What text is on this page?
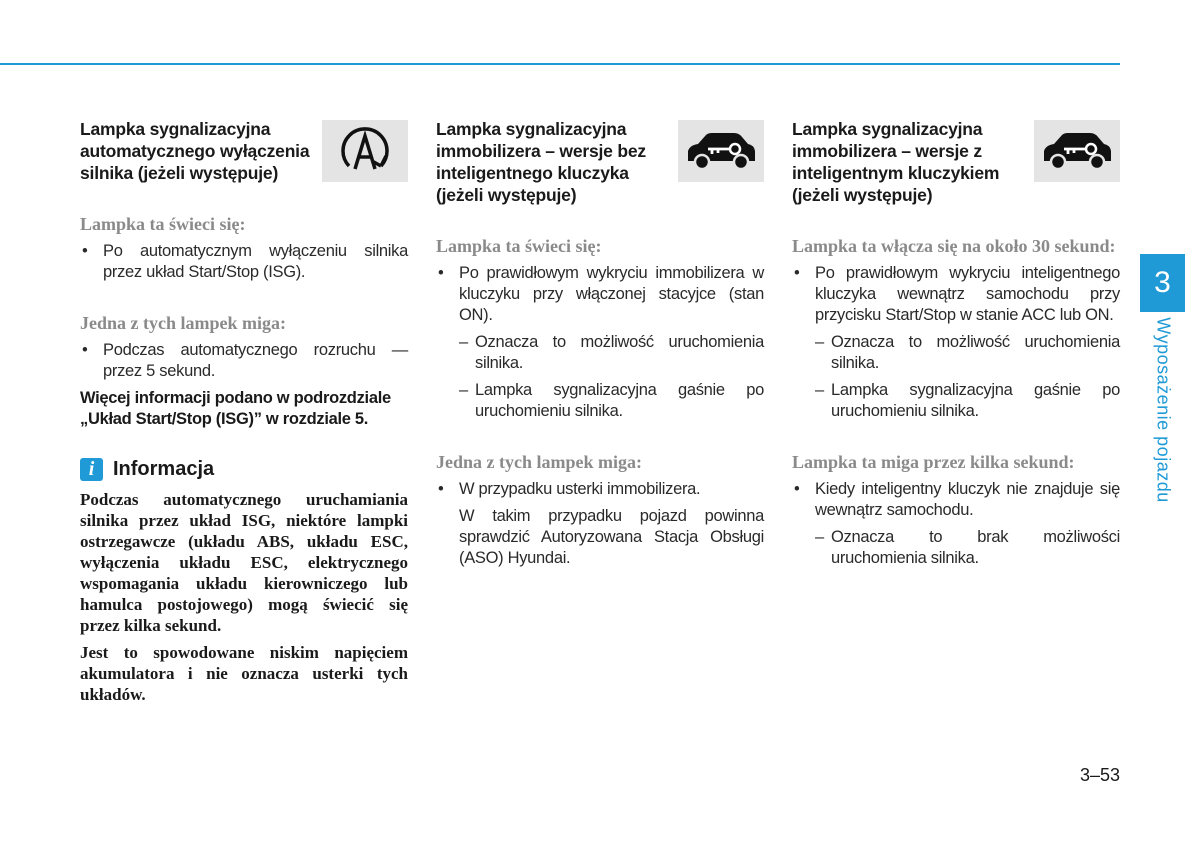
Lampka sygnalizacyjna automatycznego wyłączenia silnika (jeżeli występuje)
Lampka ta świeci się:
• Po automatycznym wyłączeniu silnika przez układ Start/Stop (ISG).
Jedna z tych lampek miga:
• Podczas automatycznego rozruchu — przez 5 sekund.
Więcej informacji podano w podrozdziale „Układ Start/Stop (ISG)” w rozdziale 5.
i Informacja

Podczas automatycznego uruchamiania silnika przez układ ISG, niektóre lampki ostrzegawcze (układu ABS, układu ESC, wyłączenia układu ESC, elektrycznego wspomagania układu kierowniczego lub hamulca postojowego) mogą świecić się przez kilka sekund.

Jest to spowodowane niskim napięciem akumulatora i nie oznacza usterki tych układów.

Lampka sygnalizacyjna immobilizera – wersje bez inteligentnego kluczyka (jeżeli występuje)
Lampka ta świeci się:
• Po prawidłowym wykryciu immobilizera w kluczyku przy włączonej stacyjce (stan ON).
– Oznacza to możliwość uruchomienia silnika.
– Lampka sygnalizacyjna gaśnie po uruchomieniu silnika.
Jedna z tych lampek miga:
• W przypadku usterki immobilizera.
W takim przypadku pojazd powinna sprawdzić Autoryzowana Stacja Obsługi (ASO) Hyundai.
Lampka sygnalizacyjna immobilizera – wersje z inteligentnym kluczykiem (jeżeli występuje)
Lampka ta włącza się na około 30 sekund:
• Po prawidłowym wykryciu inteligentnego kluczyka wewnątrz samochodu przy przycisku Start/Stop w stanie ACC lub ON.
– Oznacza to możliwość uruchomienia silnika.
– Lampka sygnalizacyjna gaśnie po uruchomieniu silnika.
Lampka ta miga przez kilka sekund:
• Kiedy inteligentny kluczyk nie znajduje się wewnątrz samochodu.
– Oznacza to brak możliwości uruchomienia silnika.
3
Wyposażenie pojazdu
3–53
